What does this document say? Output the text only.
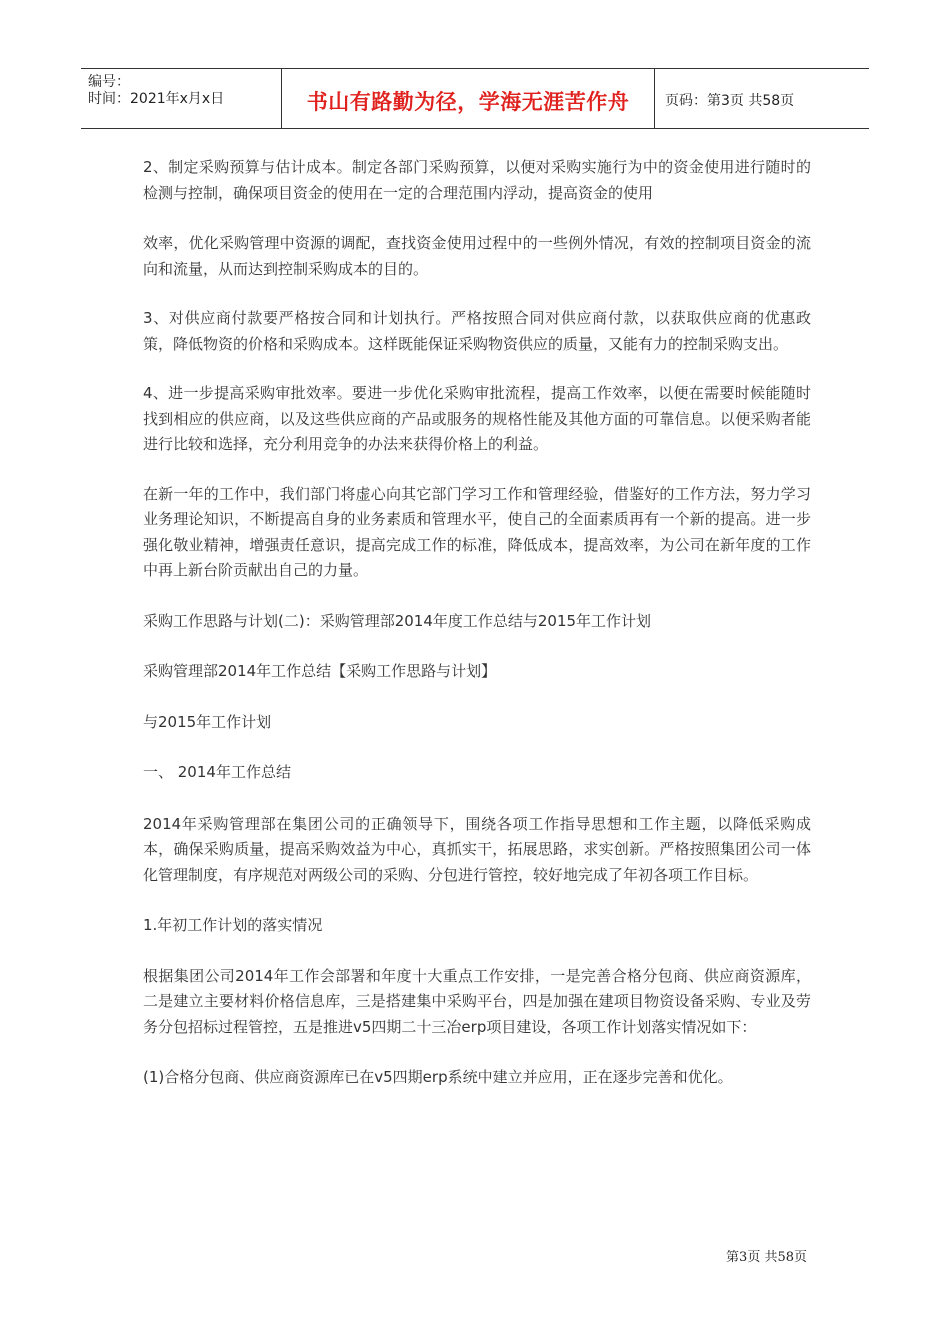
编号：
时间：2021年x月x日	书山有路勤为径，学海无涯苦作舟	页码：第3页 共58页

2、制定采购预算与估计成本。制定各部门采购预算，以便对采购实施行为中的资金使用进行随时的检测与控制，确保项目资金的使用在一定的合理范围内浮动，提高资金的使用

效率，优化采购管理中资源的调配，查找资金使用过程中的一些例外情况，有效的控制项目资金的流向和流量，从而达到控制采购成本的目的。

3、对供应商付款要严格按合同和计划执行。严格按照合同对供应商付款，以获取供应商的优惠政策，降低物资的价格和采购成本。这样既能保证采购物资供应的质量，又能有力的控制采购支出。

4、进一步提高采购审批效率。要进一步优化采购审批流程，提高工作效率，以便在需要时候能随时找到相应的供应商，以及这些供应商的产品或服务的规格性能及其他方面的可靠信息。以便采购者能进行比较和选择，充分利用竞争的办法来获得价格上的利益。

在新一年的工作中，我们部门将虚心向其它部门学习工作和管理经验，借鉴好的工作方法，努力学习业务理论知识，不断提高自身的业务素质和管理水平，使自己的全面素质再有一个新的提高。进一步强化敬业精神，增强责任意识，提高完成工作的标准，降低成本，提高效率，为公司在新年度的工作中再上新台阶贡献出自己的力量。

采购工作思路与计划(二)：采购管理部2014年度工作总结与2015年工作计划

采购管理部2014年工作总结【采购工作思路与计划】

与2015年工作计划

一、 2014年工作总结

2014年采购管理部在集团公司的正确领导下，围绕各项工作指导思想和工作主题，以降低采购成本，确保采购质量，提高采购效益为中心，真抓实干，拓展思路，求实创新。严格按照集团公司一体化管理制度，有序规范对两级公司的采购、分包进行管控，较好地完成了年初各项工作目标。

1.年初工作计划的落实情况

根据集团公司2014年工作会部署和年度十大重点工作安排，一是完善合格分包商、供应商资源库，二是建立主要材料价格信息库，三是搭建集中采购平台，四是加强在建项目物资设备采购、专业及劳务分包招标过程管控，五是推进v5四期二十三冶erp项目建设，各项工作计划落实情况如下：

(1)合格分包商、供应商资源库已在v5四期erp系统中建立并应用，正在逐步完善和优化。

第3页 共58页
